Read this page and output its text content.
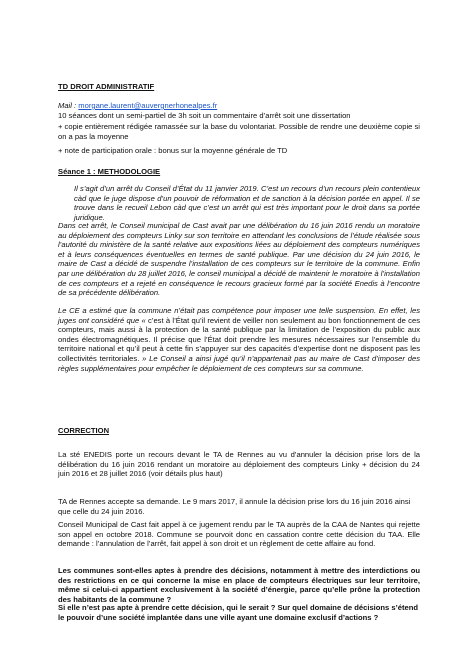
TD DROIT ADMINISTRATIF
Mail : morgane.laurent@auvergnerhonealpes.fr
10 séances dont un semi-partiel de 3h soit un commentaire d’arrêt soit une dissertation
+ copie entièrement rédigée ramassée sur la base du volontariat. Possible de rendre une deuxième copie si on a pas la moyenne
+ note de participation orale : bonus sur la moyenne générale de TD
Séance 1 : METHODOLOGIE

Il s’agit d’un arrêt du Conseil d’État du 11 janvier 2019. C’est un recours d’un recours plein contentieux càd que le juge dispose d’un pouvoir de réformation et de sanction à la décision portée en appel. Il se trouve dans le recueil Lebon càd que c’est un arrêt qui est très important pour le droit dans sa portée juridique.

Dans cet arrêt, le Conseil municipal de Cast avait par une délibération du 16 juin 2016 rendu un moratoire au déploiement des compteurs Linky sur son territoire en attendant les conclusions de l’étude réalisée sous l’autorité du ministère de la santé relative aux expositions liées au déploiement des compteurs numériques et à leurs conséquences éventuelles en termes de santé publique. Par une décision du 24 juin 2016, le maire de Cast a décidé de suspendre l’installation de ces compteurs sur le territoire de la commune. Enfin par une délibération du 28 juillet 2016, le conseil municipal a décidé de maintenir le moratoire à l’installation de ces compteurs et a rejeté en conséquence le recours gracieux formé par la société Enedis à l’encontre de sa précédente délibération.

Le CE a estimé que la commune n’était pas compétence pour imposer une telle suspension. En effet, les juges ont considéré que « c’est à l’État qu’il revient de veiller non seulement au bon fonctionnement de ces compteurs, mais aussi à la protection de la santé publique par la limitation de l’exposition du public aux ondes électromagnétiques. Il précise que l’État doit prendre les mesures nécessaires sur l’ensemble du territoire national et qu’il peut à cette fin s’appuyer sur des capacités d’expertise dont ne disposent pas les collectivités territoriales. » Le Conseil a ainsi jugé qu’il n’appartenait pas au maire de Cast d’imposer des règles supplémentaires pour empêcher le déploiement de ces compteurs sur sa commune.

CORRECTION

La sté ENEDIS porte un recours devant le TA de Rennes au vu d’annuler la décision prise lors de la délibération du 16 juin 2016 rendant un moratoire au déploiement des compteurs Linky + décision du 24 juin 2016 et 28 juillet 2016 (voir détails plus haut)

TA de Rennes accepte sa demande. Le 9 mars 2017, il annule la décision prise lors du 16 juin 2016 ainsi que celle du 24 juin 2016.

Conseil Municipal de Cast fait appel à ce jugement rendu par le TA auprès de la CAA de Nantes qui rejette son appel en octobre 2018. Commune se pourvoit donc en cassation contre cette décision du TAA. Elle demande : l’annulation de l’arrêt, fait appel à son droit et un règlement de cette affaire au fond.

Les communes sont-elles aptes à prendre des décisions, notamment à mettre des interdictions ou des restrictions en ce qui concerne la mise en place de compteurs électriques sur leur territoire, même si celui-ci appartient exclusivement à la société d’énergie, parce qu’elle prône la protection des habitants de la commune ?

Si elle n’est pas apte à prendre cette décision, qui le serait ? Sur quel domaine de décisions s’étend le pouvoir d’une société implantée dans une ville ayant une domaine exclusif d’actions ?
